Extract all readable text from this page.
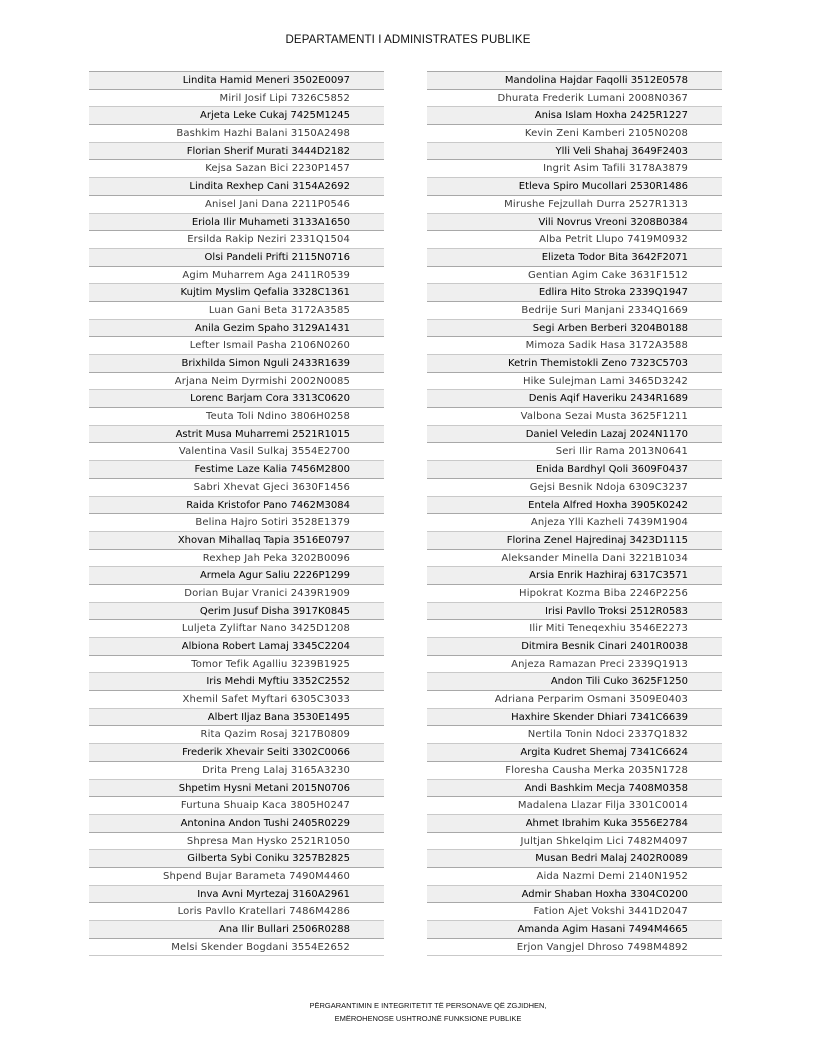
DEPARTAMENTI I ADMINISTRATES PUBLIKE
Lindita Hamid Meneri 3502E0097
Miril Josif Lipi 7326C5852
Arjeta Leke Cukaj 7425M1245
Bashkim Hazhi Balani 3150A2498
Florian Sherif Murati 3444D2182
Kejsa Sazan Bici 2230P1457
Lindita Rexhep Cani 3154A2692
Anisel Jani Dana 2211P0546
Eriola Ilir Muhameti 3133A1650
Ersilda Rakip Neziri 2331Q1504
Olsi Pandeli Prifti 2115N0716
Agim Muharrem Aga 2411R0539
Kujtim Myslim Qefalia 3328C1361
Luan Gani Beta 3172A3585
Anila Gezim Spaho 3129A1431
Lefter Ismail Pasha 2106N0260
Brixhilda Simon Nguli 2433R1639
Arjana Neim Dyrmishi 2002N0085
Lorenc Barjam Cora 3313C0620
Teuta Toli Ndino 3806H0258
Astrit Musa Muharremi 2521R1015
Valentina Vasil Sulkaj 3554E2700
Festime Laze Kalia 7456M2800
Sabri Xhevat Gjeci 3630F1456
Raida Kristofor Pano 7462M3084
Belina Hajro Sotiri 3528E1379
Xhovan Mihallaq Tapia 3516E0797
Rexhep Jah Peka 3202B0096
Armela Agur Saliu 2226P1299
Dorian Bujar Vranici 2439R1909
Qerim Jusuf Disha 3917K0845
Luljeta Zyliftar Nano 3425D1208
Albiona Robert Lamaj 3345C2204
Tomor Tefik Agalliu 3239B1925
Iris Mehdi Myftiu 3352C2552
Xhemil Safet Myftari 6305C3033
Albert Iljaz Bana 3530E1495
Rita Qazim Rosaj 3217B0809
Frederik Xhevair Seiti 3302C0066
Drita Preng Lalaj 3165A3230
Shpetim Hysni Metani 2015N0706
Furtuna Shuaip Kaca 3805H0247
Antonina Andon Tushi 2405R0229
Shpresa Man Hysko 2521R1050
Gilberta Sybi Coniku 3257B2825
Shpend Bujar Barameta 7490M4460
Inva Avni Myrtezaj 3160A2961
Loris Pavllo Kratellari 7486M4286
Ana Ilir Bullari 2506R0288
Melsi Skender Bogdani 3554E2652
Mandolina Hajdar Faqolli 3512E0578
Dhurata Frederik Lumani 2008N0367
Anisa Islam Hoxha 2425R1227
Kevin Zeni Kamberi 2105N0208
Ylli Veli Shahaj 3649F2403
Ingrit Asim Tafili 3178A3879
Etleva Spiro Mucollari 2530R1486
Mirushe Fejzullah Durra 2527R1313
Vili Novrus Vreoni 3208B0384
Alba Petrit Llupo 7419M0932
Elizeta Todor Bita 3642F2071
Gentian Agim Cake 3631F1512
Edlira Hito Stroka 2339Q1947
Bedrije Suri Manjani 2334Q1669
Segi Arben Berberi 3204B0188
Mimoza Sadik Hasa 3172A3588
Ketrin Themistokli Zeno 7323C5703
Hike Sulejman Lami 3465D3242
Denis Aqif Haveriku 2434R1689
Valbona Sezai Musta 3625F1211
Daniel Veledin Lazaj 2024N1170
Seri Ilir Rama 2013N0641
Enida Bardhyl Qoli 3609F0437
Gejsi Besnik Ndoja 6309C3237
Entela Alfred Hoxha 3905K0242
Anjeza Ylli Kazheli 7439M1904
Florina Zenel Hajredinaj 3423D1115
Aleksander Minella Dani 3221B1034
Arsia Enrik Hazhiraj 6317C3571
Hipokrat Kozma Biba 2246P2256
Irisi Pavllo Troksi 2512R0583
Ilir Miti Teneqexhiu 3546E2273
Ditmira Besnik Cinari 2401R0038
Anjeza Ramazan Preci 2339Q1913
Andon Tili Cuko 3625F1250
Adriana Perparim Osmani 3509E0403
Haxhire Skender Dhiari 7341C6639
Nertila Tonin Ndoci 2337Q1832
Argita Kudret Shemaj 7341C6624
Floresha Causha Merka 2035N1728
Andi Bashkim Mecja 7408M0358
Madalena Llazar Filja 3301C0014
Ahmet Ibrahim Kuka 3556E2784
Jultjan Shkelqim Lici 7482M4097
Musan Bedri Malaj 2402R0089
Aida Nazmi Demi 2140N1952
Admir Shaban Hoxha 3304C0200
Fation Ajet Vokshi 3441D2047
Amanda Agim Hasani 7494M4665
Erjon Vangjel Dhroso 7498M4892
PËRGARANTIMIN E INTEGRITETIT TË PERSONAVE QË ZGJIDHEN,
EMËROHENOSE USHTROJNË FUNKSIONE PUBLIKE
